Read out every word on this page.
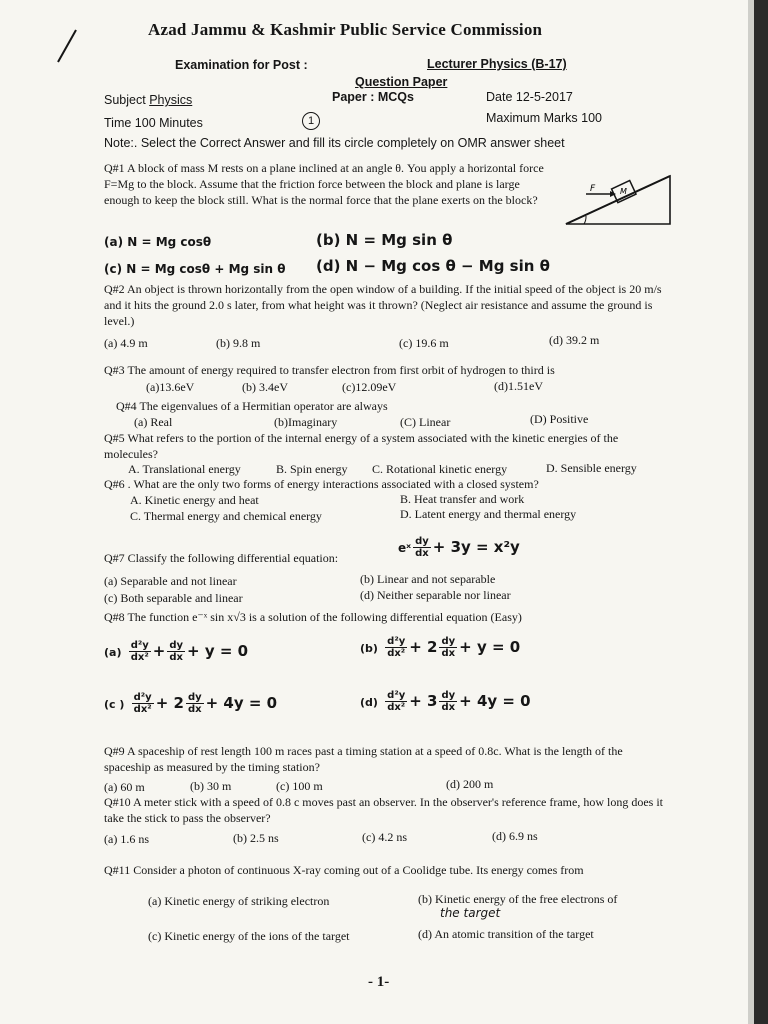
Azad Jammu & Kashmir Public Service Commission
Examination for Post :	Lecturer Physics (B-17)
Question Paper
Subject Physics	Paper : MCQs	Date 12-5-2017
Time 100 Minutes	1	Maximum Marks 100
Note:. Select the Correct Answer and fill its circle completely on OMR answer sheet
Q#1 A block of mass M rests on a plane inclined at an angle θ. You apply a horizontal force F=Mg to the block. Assume that the friction force between the block and plane is large enough to keep the block still. What is the normal force that the plane exerts on the block?
F	M
(a) N = Mg cosθ	(b) N = Mg sin θ
(c) N = Mg cosθ + Mg sin θ (d) N − Mg cos θ − Mg sin θ
Q#2 An object is thrown horizontally from the open window of a building. If the initial speed of the object is 20 m/s and it hits the ground 2.0 s later, from what height was it thrown? (Neglect air resistance and assume the ground is level.)
(a) 4.9 m	(b) 9.8 m	(c) 19.6 m	(d) 39.2 m
Q#3 The amount of energy required to transfer electron from first orbit of hydrogen to third is
(a)13.6eV	(b) 3.4eV	(c)12.09eV	(d)1.51eV
Q#4 The eigenvalues of a Hermitian operator are always
(a) Real	(b)Imaginary	(C) Linear	(D) Positive
Q#5 What refers to the portion of the internal energy of a system associated with the kinetic energies of the molecules?
A. Translational energy	B. Spin energy C. Rotational kinetic energy	D. Sensible energy
Q#6 . What are the only two forms of energy interactions associated with a closed system?
A. Kinetic energy and heat	B. Heat transfer and work
C. Thermal energy and chemical energy	D. Latent energy and thermal energy
Q#7 Classify the following differential equation:
eˣ $\frac{dy}{dx} + 3y = x^2y$
(a) Separable and not linear	(b) Linear and not separable
(c) Both separable and linear	(d) Neither separable nor linear
Q#8 The function e⁻ˣ sin x√3 is a solution of the following differential equation (Easy)
$(a) \frac{\text{d²y}}{\text{dx²}} + \frac{dy}{dx} + y = 0$	$(b) \frac{\text{d²y}}{\text{dx²}} + 2 \frac{dy}{dx} + y = 0$
(c ) $\frac{\text{d²y}}{\text{dx²}} + 2 \frac{dy}{dx} + 4y = 0$	$(d) \frac{\text{d²y}}{\text{dx²}} + 3 \frac{dy}{dx} + 4y = 0$
Q#9 A spaceship of rest length 100 m races past a timing station at a speed of 0.8c. What is the length of the spaceship as measured by the timing station?
(a) 60 m	(b) 30 m	(c) 100 m	(d) 200 m
Q#10 A meter stick with a speed of 0.8 c moves past an observer. In the observer's reference frame, how long does it take the stick to pass the observer?
(a) 1.6 ns	(b) 2.5 ns	(c) 4.2 ns	(d) 6.9 ns
Q#11 Consider a photon of continuous X-ray coming out of a Coolidge tube. Its energy comes from
(a) Kinetic energy of striking electron	(b) Kinetic energy of the free electrons of
the target
(c) Kinetic energy of the ions of the target	(d) An atomic transition of the target
- 1-
